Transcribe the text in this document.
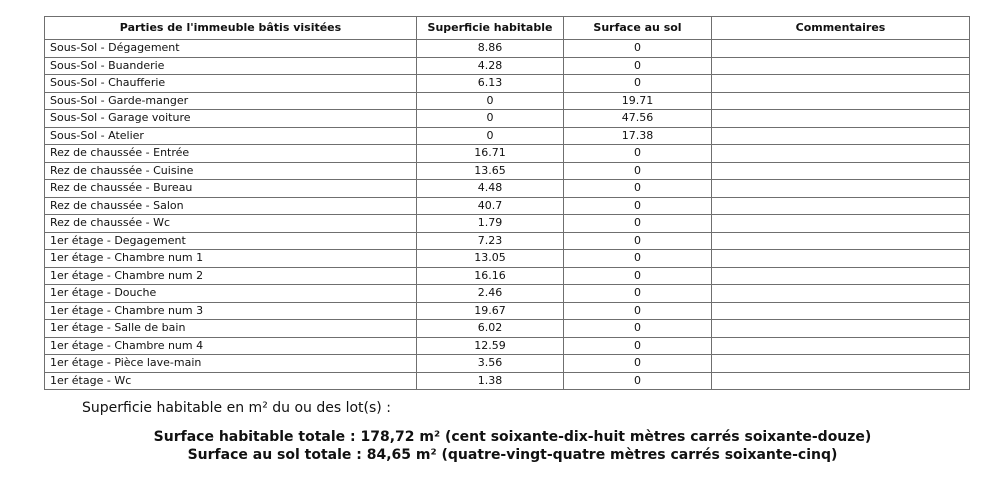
Parties de l'immeuble bâtis visitées	Superficie habitable	Surface au sol	Commentaires
Sous-Sol - Dégagement	8.86	0	
Sous-Sol - Buanderie	4.28	0	
Sous-Sol - Chaufferie	6.13	0	
Sous-Sol - Garde-manger	0	19.71	
Sous-Sol - Garage voiture	0	47.56	
Sous-Sol - Atelier	0	17.38	
Rez de chaussée - Entrée	16.71	0	
Rez de chaussée - Cuisine	13.65	0	
Rez de chaussée - Bureau	4.48	0	
Rez de chaussée - Salon	40.7	0	
Rez de chaussée - Wc	1.79	0	
1er étage - Degagement	7.23	0	
1er étage - Chambre num 1	13.05	0	
1er étage - Chambre num 2	16.16	0	
1er étage - Douche	2.46	0	
1er étage - Chambre num 3	19.67	0	
1er étage - Salle de bain	6.02	0	
1er étage - Chambre num 4	12.59	0	
1er étage - Pièce lave-main	3.56	0	
1er étage - Wc	1.38	0	

Superficie habitable en m² du ou des lot(s) :

Surface habitable totale : 178,72 m² (cent soixante-dix-huit mètres carrés soixante-douze)
Surface au sol totale : 84,65 m² (quatre-vingt-quatre mètres carrés soixante-cinq)
